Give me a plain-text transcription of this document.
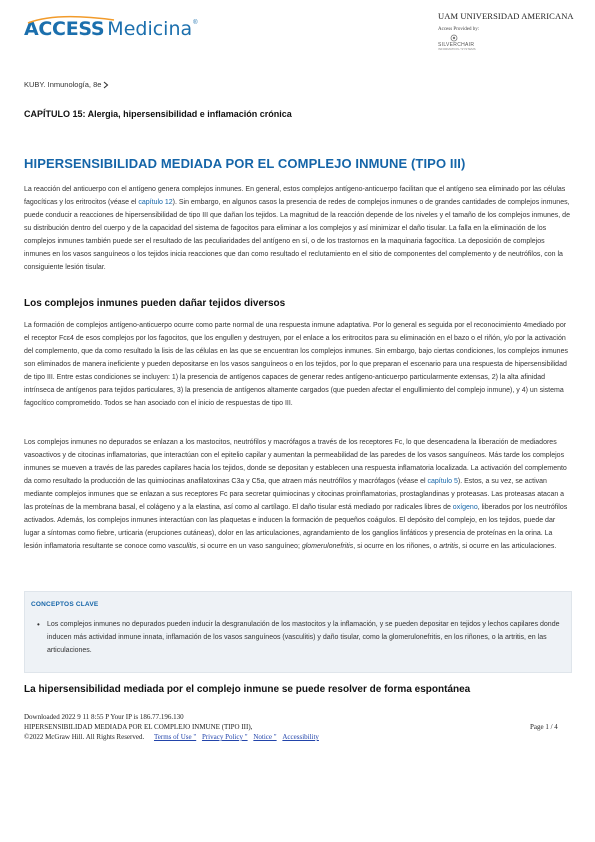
ACCESS Medicina ®
UAM UNIVERSIDAD AMERICANA
Access Provided by:
SILVERCHAIR
INFORMATION / SYSTEMS
KUBY. Inmunología, 8e
CAPÍTULO 15: Alergia, hipersensibilidad e inflamación crónica
HIPERSENSIBILIDAD MEDIADA POR EL COMPLEJO INMUNE (TIPO III)
La reacción del anticuerpo con el antígeno genera complejos inmunes. En general, estos complejos antígeno-anticuerpo facilitan que el antígeno sea eliminado por las células fagocíticas y los eritrocitos (véase el capítulo 12). Sin embargo, en algunos casos la presencia de redes de complejos inmunes o de grandes cantidades de complejos inmunes, puede conducir a reacciones de hipersensibilidad de tipo III que dañan los tejidos. La magnitud de la reacción depende de los niveles y el tamaño de los complejos inmunes, de su distribución dentro del cuerpo y de la capacidad del sistema de fagocitos para eliminar a los complejos y así minimizar el daño tisular. La falla en la eliminación de los complejos inmunes también puede ser el resultado de las peculiaridades del antígeno en sí, o de los trastornos en la maquinaria fagocítica. La deposición de complejos inmunes en los vasos sanguíneos o los tejidos inicia reacciones que dan como resultado el reclutamiento en el sitio de componentes del complemento y de neutrófilos, con la consiguiente lesión tisular.
Los complejos inmunes pueden dañar tejidos diversos
La formación de complejos antígeno-anticuerpo ocurre como parte normal de una respuesta inmune adaptativa. Por lo general es seguida por el reconocimiento 4mediado por el receptor Fcɛ4 de esos complejos por los fagocitos, que los engullen y destruyen, por el enlace a los eritrocitos para su eliminación en el bazo o el riñón, y/o por la activación del complemento, que da como resultado la lisis de las células en las que se encuentran los complejos inmunes. Sin embargo, bajo ciertas condiciones, los complejos inmunes son eliminados de manera ineficiente y pueden depositarse en los vasos sanguíneos o en los tejidos, por lo que preparan el escenario para una respuesta de hipersensibilidad de tipo III. Entre estas condiciones se incluyen: 1) la presencia de antígenos capaces de generar redes antígeno-anticuerpo particularmente extensas, 2) la alta afinidad intrínseca de antígenos para tejidos particulares, 3) la presencia de antígenos altamente cargados (que pueden afectar el engullimiento del complejo inmune), y 4) un sistema fagocítico comprometido. Todos se han asociado con el inicio de respuestas de tipo III.
Los complejos inmunes no depurados se enlazan a los mastocitos, neutrófilos y macrófagos a través de los receptores Fc, lo que desencadena la liberación de mediadores vasoactivos y de citocinas inflamatorias, que interactúan con el epitelio capilar y aumentan la permeabilidad de las paredes de los vasos sanguíneos. Más tarde los complejos inmunes se mueven a través de las paredes capilares hacia los tejidos, donde se depositan y establecen una respuesta inflamatoria localizada. La activación del complemento da como resultado la producción de las quimiocinas anafilatoxinas C3a y C5a, que atraen más neutrófilos y macrófagos (véase el capítulo 5). Estos, a su vez, se activan mediante complejos inmunes que se enlazan a sus receptores Fc para secretar quimiocinas y citocinas proinflamatorias, prostaglandinas y proteasas. Las proteasas atacan a las proteínas de la membrana basal, el colágeno y a la elastina, así como al cartílago. El daño tisular está mediado por radicales libres de oxígeno, liberados por los neutrófilos activados. Además, los complejos inmunes interactúan con las plaquetas e inducen la formación de pequeños coágulos. El depósito del complejo, en los tejidos, puede dar lugar a síntomas como fiebre, urticaria (erupciones cutáneas), dolor en las articulaciones, agrandamiento de los ganglios linfáticos y presencia de proteínas en la orina. La lesión inflamatoria resultante se conoce como vasculitis, si ocurre en un vaso sanguíneo; glomerulonefritis, si ocurre en los riñones, o artritis, si ocurre en las articulaciones.
CONCEPTOS CLAVE
•	Los complejos inmunes no depurados pueden inducir la desgranulación de los mastocitos y la inflamación, y se pueden depositar en tejidos y lechos capilares donde inducen más actividad inmune innata, inflamación de los vasos sanguíneos (vasculitis) y daño tisular, como la glomerulonefritis, en los riñones, o la artritis, en las articulaciones.
La hipersensibilidad mediada por el complejo inmune se puede resolver de forma espontánea
Downloaded 2022 9 11 8:55 P Your IP is 186.77.196.130
HIPERSENSIBILIDAD MEDIADA POR EL COMPLEJO INMUNE (TIPO III),
©2022 McGraw Hill. All Rights Reserved. Terms of Use " Privacy Policy " Notice " Accessibility
Page 1 / 4
